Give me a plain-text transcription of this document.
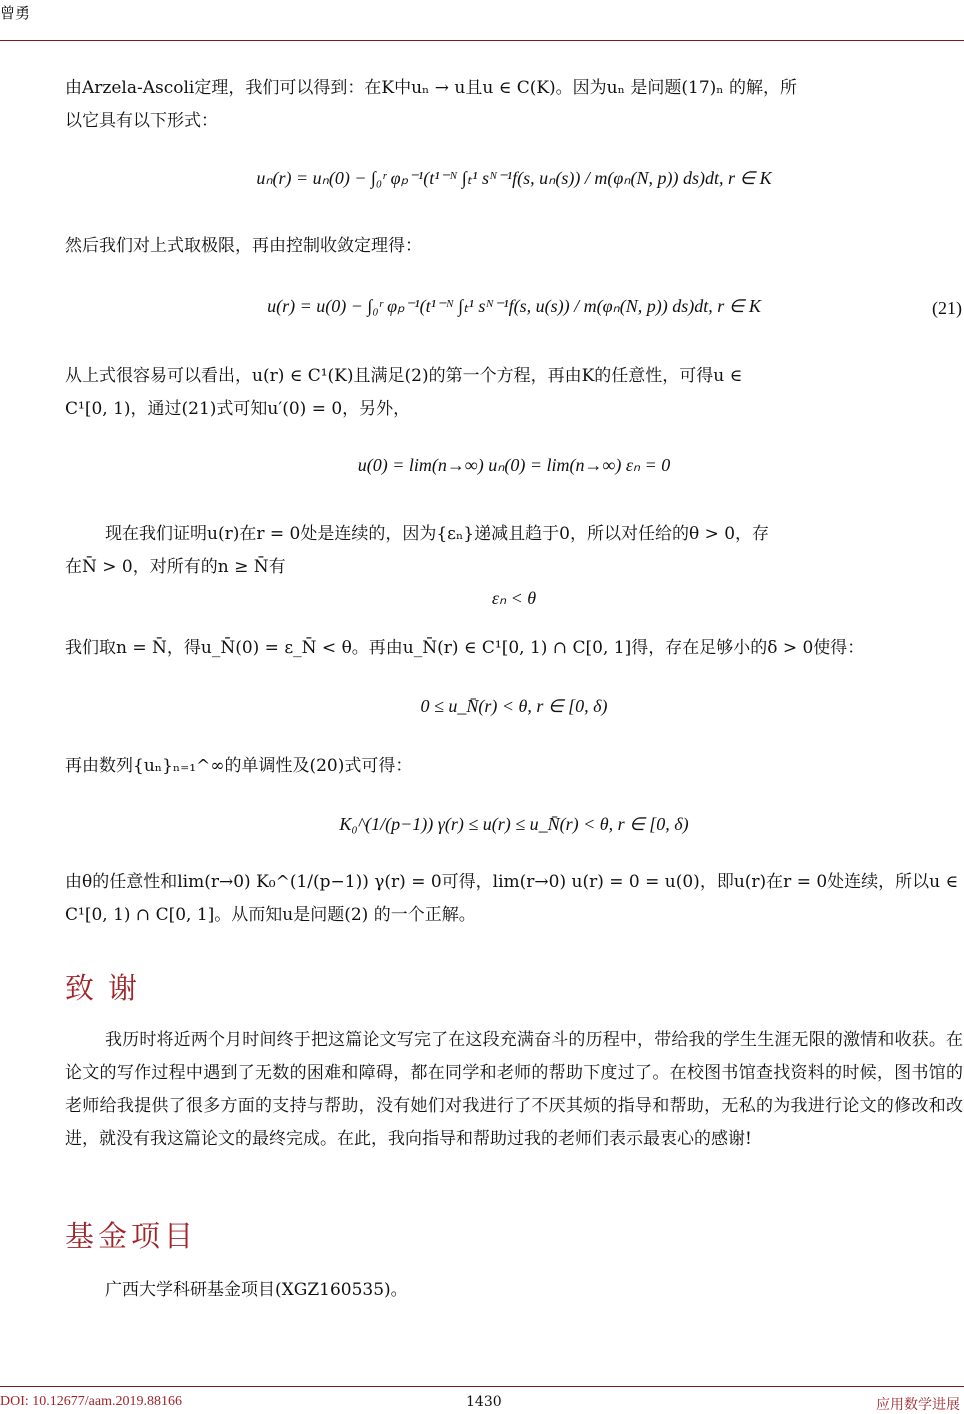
曾勇
由Arzela-Ascoli定理，我们可以得到：在K中uₙ → u且u ∈ C(K)。因为uₙ 是问题(17)ₙ 的解，所
以它具有以下形式：
uₙ(r) = uₙ(0) − ∫₀ʳ φₚ⁻¹(t¹⁻ᴺ ∫ₜ¹ sᴺ⁻¹f(s, uₙ(s)) / m(φₙ(N, p)) ds)dt, r ∈ K
然后我们对上式取极限，再由控制收敛定理得：
u(r) = u(0) − ∫₀ʳ φₚ⁻¹(t¹⁻ᴺ ∫ₜ¹ sᴺ⁻¹f(s, u(s)) / m(φₙ(N, p)) ds)dt, r ∈ K	(21)
从上式很容易可以看出，u(r) ∈ C¹(K)且满足(2)的第一个方程，再由K的任意性，可得u ∈
C¹[0, 1)，通过(21)式可知u′(0) = 0，另外，
u(0) = lim(n→∞) uₙ(0) = lim(n→∞) εₙ = 0
现在我们证明u(r)在r = 0处是连续的，因为{εₙ}递减且趋于0，所以对任给的θ > 0，存
在N̄ > 0，对所有的n ≥ N̄有
εₙ < θ
我们取n = N̄，得u_N̄(0) = ε_N̄ < θ。再由u_N̄(r) ∈ C¹[0, 1) ∩ C[0, 1]得，存在足够小的δ > 0使得：
0 ≤ u_N̄(r) < θ, r ∈ [0, δ)
再由数列{uₙ}ₙ₌₁^∞的单调性及(20)式可得：
K₀^(1/(p−1)) γ(r) ≤ u(r) ≤ u_N̄(r) < θ, r ∈ [0, δ)
由θ的任意性和lim(r→0) K₀^(1/(p−1)) γ(r) = 0可得，lim(r→0) u(r) = 0 = u(0)，即u(r)在r = 0处连续，所以u ∈
C¹[0, 1) ∩ C[0, 1]。从而知u是问题(2) 的一个正解。
致谢
我历时将近两个月时间终于把这篇论文写完了在这段充满奋斗的历程中，带给我的学生生涯无限的激情和收获。在论文的写作过程中遇到了无数的困难和障碍，都在同学和老师的帮助下度过了。在校图书馆查找资料的时候，图书馆的老师给我提供了很多方面的支持与帮助，没有她们对我进行了不厌其烦的指导和帮助，无私的为我进行论文的修改和改进，就没有我这篇论文的最终完成。在此，我向指导和帮助过我的老师们表示最衷心的感谢!
基金项目
广西大学科研基金项目(XGZ160535)。
DOI: 10.12677/aam.2019.88166	1430	应用数学进展
